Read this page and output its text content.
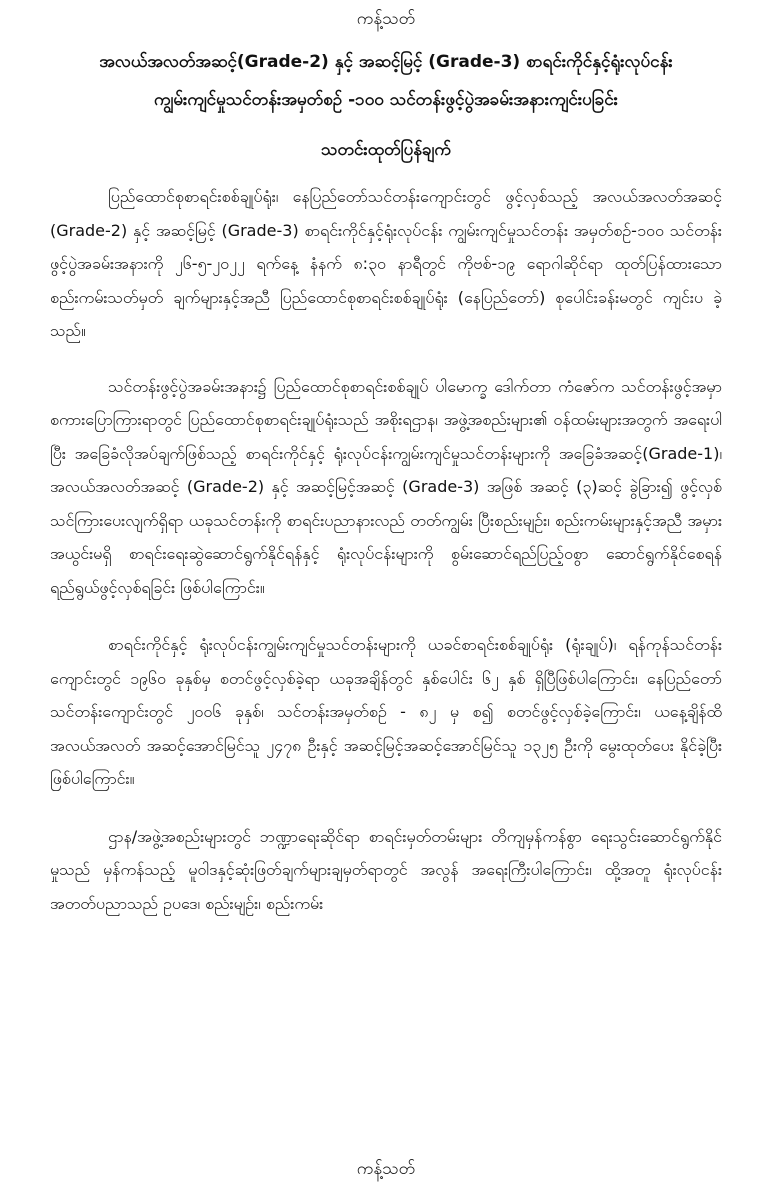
ကန့်သတ်
အလယ်အလတ်အဆင့်(Grade-2) နှင့် အဆင့်မြင့် (Grade-3) စာရင်းကိုင်နှင့်ရုံးလုပ်ငန်း
ကျွမ်းကျင်မှုသင်တန်းအမှတ်စဉ် -၁၀၀ သင်တန်းဖွင့်ပွဲအခမ်းအနားကျင်းပခြင်း
သတင်းထုတ်ပြန်ချက်

ပြည်ထောင်စုစာရင်းစစ်ချုပ်ရုံး၊ နေပြည်တော်သင်တန်းကျောင်းတွင် ဖွင့်လှစ်သည့် အလယ်အလတ်အဆင့် (Grade-2) နှင့် အဆင့်မြင့် (Grade-3) စာရင်းကိုင်နှင့်ရုံးလုပ်ငန်း ကျွမ်းကျင်မှုသင်တန်း အမှတ်စဉ်-၁၀၀ သင်တန်းဖွင့်ပွဲအခမ်းအနားကို ၂၆-၅-၂၀၂၂ ရက်နေ့ နံနက် ၈:၃၀ နာရီတွင် ကိုဗစ်-၁၉ ရောဂါဆိုင်ရာ ထုတ်ပြန်ထားသော စည်းကမ်းသတ်မှတ် ချက်များနှင့်အညီ ပြည်ထောင်စုစာရင်းစစ်ချုပ်ရုံး (နေပြည်တော်) စုပေါင်းခန်းမတွင် ကျင်းပ ခဲ့သည်။

သင်တန်းဖွင့်ပွဲအခမ်းအနား၌ ပြည်ထောင်စုစာရင်းစစ်ချုပ် ပါမောက္ခ ဒေါက်တာ ကံဇော်က သင်တန်းဖွင့်အမှာစကားပြောကြားရာတွင် ပြည်ထောင်စုစာရင်းချုပ်ရုံးသည် အစိုးရဌာန၊ အဖွဲ့အစည်းများ၏ ဝန်ထမ်းများအတွက် အရေးပါပြီး အခြေခံလိုအပ်ချက်ဖြစ်သည့် စာရင်းကိုင်နှင့် ရုံးလုပ်ငန်းကျွမ်းကျင်မှုသင်တန်းများကို အခြေခံအဆင့်(Grade-1)၊ အလယ်အလတ်အဆင့် (Grade-2) နှင့် အဆင့်မြင့်အဆင့် (Grade-3) အဖြစ် အဆင့် (၃)ဆင့် ခွဲခြား၍ ဖွင့်လှစ်သင်ကြားပေးလျက်ရှိရာ ယခုသင်တန်းကို စာရင်းပညာနားလည် တတ်ကျွမ်း ပြီးစည်းမျဉ်း၊ စည်းကမ်းများနှင့်အညီ အမှားအယွင်းမရှိ စာရင်းရေးဆွဲဆောင်ရွက်နိုင်ရန်နှင့် ရုံးလုပ်ငန်းများကို စွမ်းဆောင်ရည်ပြည့်ဝစွာ ဆောင်ရွက်နိုင်စေရန် ရည်ရွယ်ဖွင့်လှစ်ရခြင်း ဖြစ်ပါကြောင်း။

စာရင်းကိုင်နှင့် ရုံးလုပ်ငန်းကျွမ်းကျင်မှုသင်တန်းများကို ယခင်စာရင်းစစ်ချုပ်ရုံး (ရုံးချုပ်)၊ ရန်ကုန်သင်တန်းကျောင်းတွင် ၁၉၆၀ ခုနှစ်မှ စတင်ဖွင့်လှစ်ခဲ့ရာ ယခုအချိန်တွင် နှစ်ပေါင်း ၆၂ နှစ် ရှိပြီဖြစ်ပါကြောင်း၊ နေပြည်တော်သင်တန်းကျောင်းတွင် ၂၀၀၆ ခုနှစ်၊ သင်တန်းအမှတ်စဉ် - ၈၂ မှ စ၍ စတင်ဖွင့်လှစ်ခဲ့ကြောင်း၊ ယနေ့ချိန်ထိ အလယ်အလတ် အဆင့်အောင်မြင်သူ ၂၄၇၈ ဦးနှင့် အဆင့်မြင့်အဆင့်အောင်မြင်သူ ၁၃၂၅ ဦးကို မွေးထုတ်ပေး နိုင်ခဲ့ပြီး ဖြစ်ပါကြောင်း။

ဌာန/အဖွဲ့အစည်းများတွင် ဘဏ္ဍာရေးဆိုင်ရာ စာရင်းမှတ်တမ်းများ တိကျမှန်ကန်စွာ ရေးသွင်းဆောင်ရွက်နိုင်မှုသည် မှန်ကန်သည့် မူဝါဒနှင့်ဆုံးဖြတ်ချက်များချမှတ်ရာတွင် အလွန် အရေးကြီးပါကြောင်း၊ ထို့အတူ ရုံးလုပ်ငန်းအတတ်ပညာသည် ဥပဒေ၊ စည်းမျဉ်း၊ စည်းကမ်း

ကန့်သတ်
